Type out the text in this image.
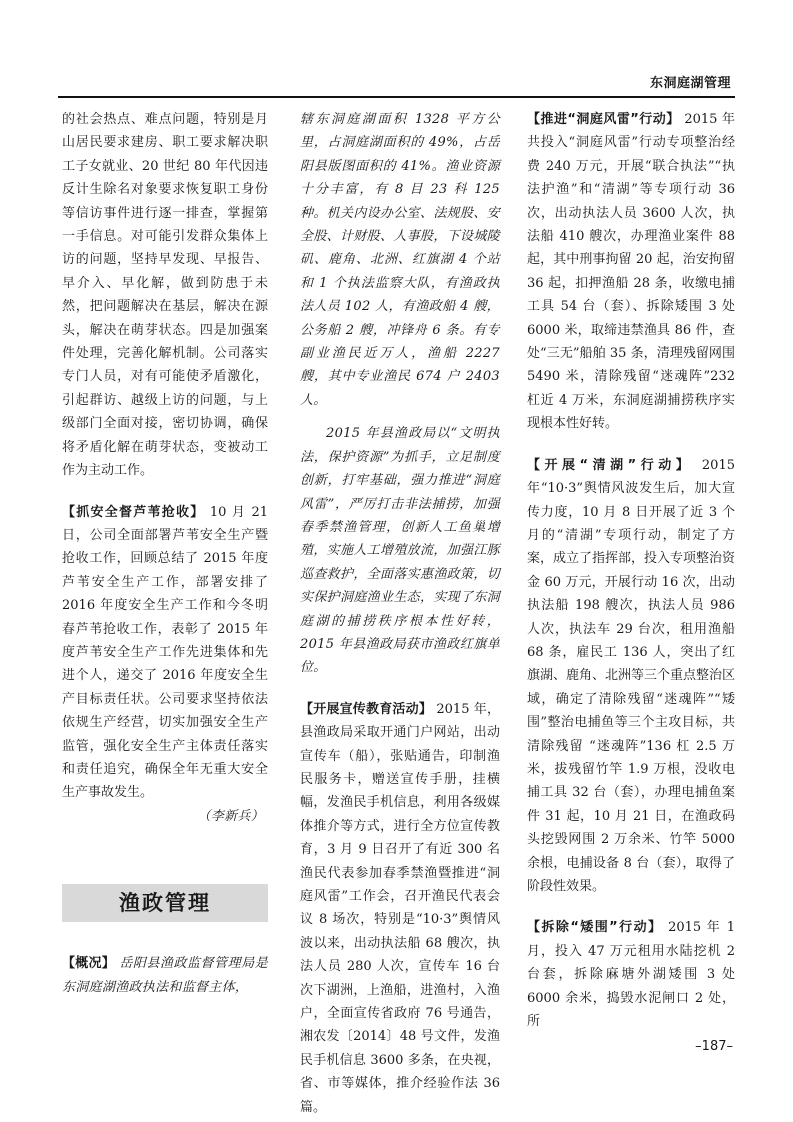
东洞庭湖管理

的社会热点、难点问题，特别是月山居民要求建房、职工要求解决职工子女就业、20 世纪 80 年代因违反计生除名对象要求恢复职工身份等信访事件进行逐一排查，掌握第一手信息。对可能引发群众集体上访的问题，坚持早发现、早报告、早介入、早化解，做到防患于未然，把问题解决在基层，解决在源头，解决在萌芽状态。四是加强案件处理，完善化解机制。公司落实专门人员，对有可能使矛盾激化，引起群访、越级上访的问题，与上级部门全面对接，密切协调，确保将矛盾化解在萌芽状态，变被动工作为主动工作。

【抓安全督芦苇抢收】 10 月 21 日，公司全面部署芦苇安全生产暨抢收工作，回顾总结了 2015 年度芦苇安全生产工作，部署安排了 2016 年度安全生产工作和今冬明春芦苇抢收工作，表彰了 2015 年度芦苇安全生产工作先进集体和先进个人，递交了 2016 年度安全生产目标责任状。公司要求坚持依法依规生产经营，切实加强安全生产监管，强化安全生产主体责任落实和责任追究，确保全年无重大安全生产事故发生。

（李新兵）

渔政管理

【概况】 岳阳县渔政监督管理局是东洞庭湖渔政执法和监督主体，

辖东洞庭湖面积 1328 平方公里，占洞庭湖面积的 49%，占岳阳县版图面积的 41%。渔业资源十分丰富，有 8 目 23 科 125 种。机关内设办公室、法规股、安全股、计财股、人事股，下设城陵矶、鹿角、北洲、红旗湖 4 个站和 1 个执法监察大队，有渔政执法人员 102 人，有渔政船 4 艘，公务船 2 艘，冲锋舟 6 条。有专副业渔民近万人，渔船 2227 艘，其中专业渔民 674 户 2403 人。

2015 年县渔政局以“文明执法，保护资源”为抓手，立足制度创新，打牢基础，强力推进“洞庭风雷”，严厉打击非法捕捞，加强春季禁渔管理，创新人工鱼巢增殖，实施人工增殖放流，加强江豚巡查救护，全面落实惠渔政策，切实保护洞庭渔业生态，实现了东洞庭湖的捕捞秩序根本性好转，2015 年县渔政局获市渔政红旗单位。

【开展宣传教育活动】 2015 年，县渔政局采取开通门户网站，出动宣传车（船），张贴通告，印制渔民服务卡，赠送宣传手册，挂横幅，发渔民手机信息，利用各级媒体推介等方式，进行全方位宣传教育，3 月 9 日召开了有近 300 名渔民代表参加春季禁渔暨推进“洞庭风雷”工作会，召开渔民代表会议 8 场次，特别是“10·3”舆情风波以来，出动执法船 68 艘次，执法人员 280 人次，宣传车 16 台次下湖洲，上渔船，进渔村，入渔户，全面宣传省政府 76 号通告，湘农发〔2014〕48 号文件，发渔民手机信息 3600 多条，在央视，省、市等媒体，推介经验作法 36 篇。

【推进“洞庭风雷”行动】 2015 年共投入“洞庭风雷”行动专项整治经费 240 万元，开展“联合执法”“执法护渔”和“清湖”等专项行动 36 次，出动执法人员 3600 人次，执法船 410 艘次，办理渔业案件 88 起，其中刑事拘留 20 起，治安拘留 36 起，扣押渔船 28 条，收缴电捕工具 54 台（套）、拆除矮围 3 处 6000 米，取缔违禁渔具 86 件，查处“三无”船舶 35 条，清理残留网围 5490 米，清除残留“迷魂阵”232 杠近 4 万米，东洞庭湖捕捞秩序实现根本性好转。

【开展“清湖”行动】 2015 年“10·3”舆情风波发生后，加大宣传力度，10 月 8 日开展了近 3 个月的“清湖”专项行动，制定了方案，成立了指挥部，投入专项整治资金 60 万元，开展行动 16 次，出动执法船 198 艘次，执法人员 986 人次，执法车 29 台次，租用渔船 68 条，雇民工 136 人，突出了红旗湖、鹿角、北洲等三个重点整治区域，确定了清除残留“迷魂阵”“矮围”整治电捕鱼等三个主攻目标，共清除残留 “迷魂阵”136 杠 2.5 万米，拔残留竹竿 1.9 万根，没收电捕工具 32 台（套），办理电捕鱼案件 31 起，10 月 21 日，在渔政码头挖毁网围 2 万余米、竹竿 5000 余根，电捕设备 8 台（套），取得了阶段性效果。

【拆除“矮围”行动】 2015 年 1 月，投入 47 万元租用水陆挖机 2 台套，拆除麻塘外湖矮围 3 处 6000 余米，捣毁水泥闸口 2 处，所

–187–
